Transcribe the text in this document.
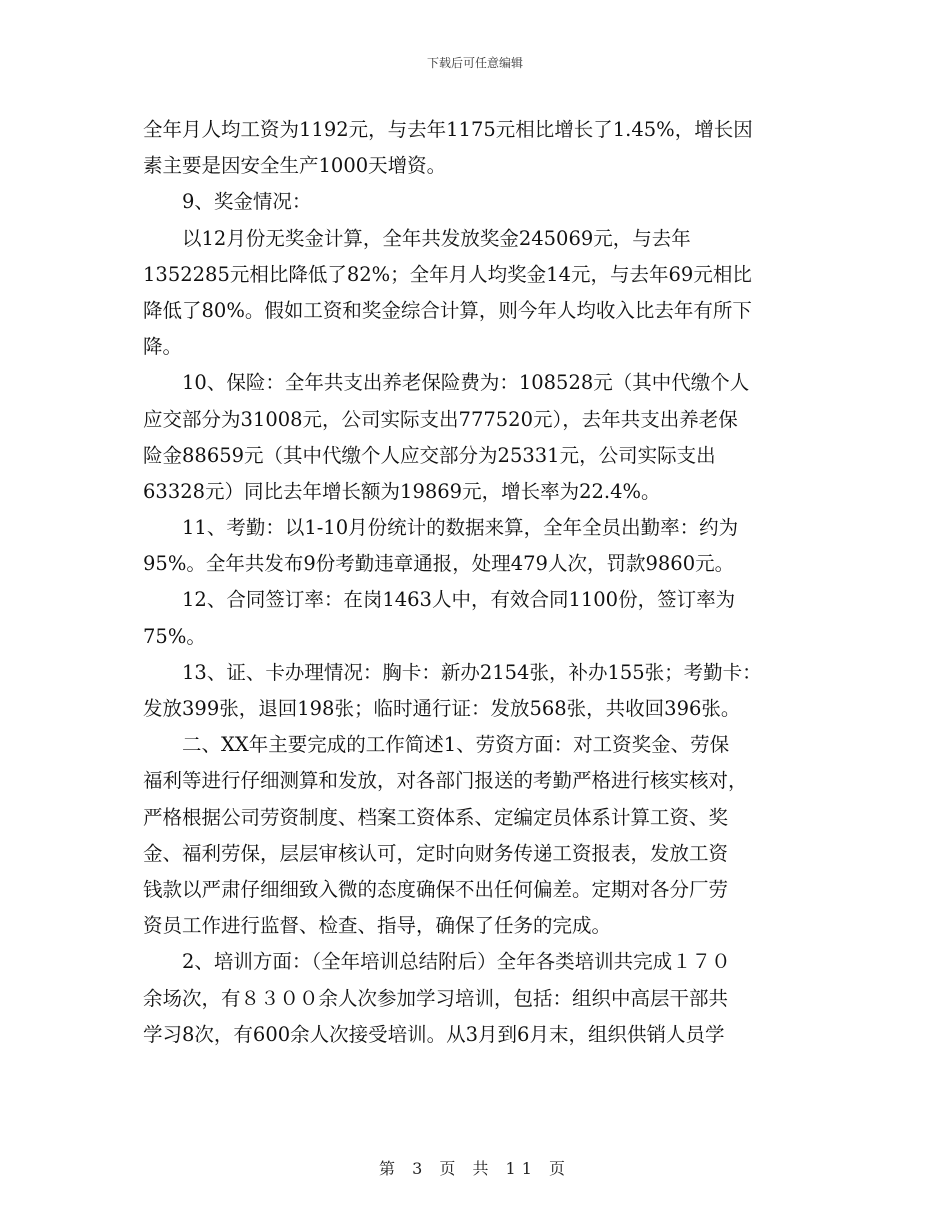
下载后可任意编辑
全年月人均工资为1192元，与去年1175元相比增长了1.45%，增长因
素主要是因安全生产1000天增资。
9、奖金情况：
以12月份无奖金计算，全年共发放奖金245069元，与去年
1352285元相比降低了82%；全年月人均奖金14元，与去年69元相比
降低了80%。假如工资和奖金综合计算，则今年人均收入比去年有所下
降。
10、保险：全年共支出养老保险费为：108528元（其中代缴个人
应交部分为31008元，公司实际支出777520元），去年共支出养老保
险金88659元（其中代缴个人应交部分为25331元，公司实际支出
63328元）同比去年增长额为19869元，增长率为22.4%。
11、考勤：以1-10月份统计的数据来算，全年全员出勤率：约为
95%。全年共发布9份考勤违章通报，处理479人次，罚款9860元。
12、合同签订率：在岗1463人中，有效合同1100份，签订率为
75%。
13、证、卡办理情况：胸卡：新办2154张，补办155张；考勤卡：
发放399张，退回198张；临时通行证：发放568张，共收回396张。
二、XX年主要完成的工作简述1、劳资方面：对工资奖金、劳保
福利等进行仔细测算和发放，对各部门报送的考勤严格进行核实核对，
严格根据公司劳资制度、档案工资体系、定编定员体系计算工资、奖
金、福利劳保，层层审核认可，定时向财务传递工资报表，发放工资
钱款以严肃仔细细致入微的态度确保不出任何偏差。定期对各分厂劳
资员工作进行监督、检查、指导，确保了任务的完成。
2、培训方面：（全年培训总结附后）全年各类培训共完成１７０
余场次，有８３００余人次参加学习培训，包括：组织中高层干部共
学习8次，有600余人次接受培训。从3月到6月末，组织供销人员学
第 3 页 共 11 页
